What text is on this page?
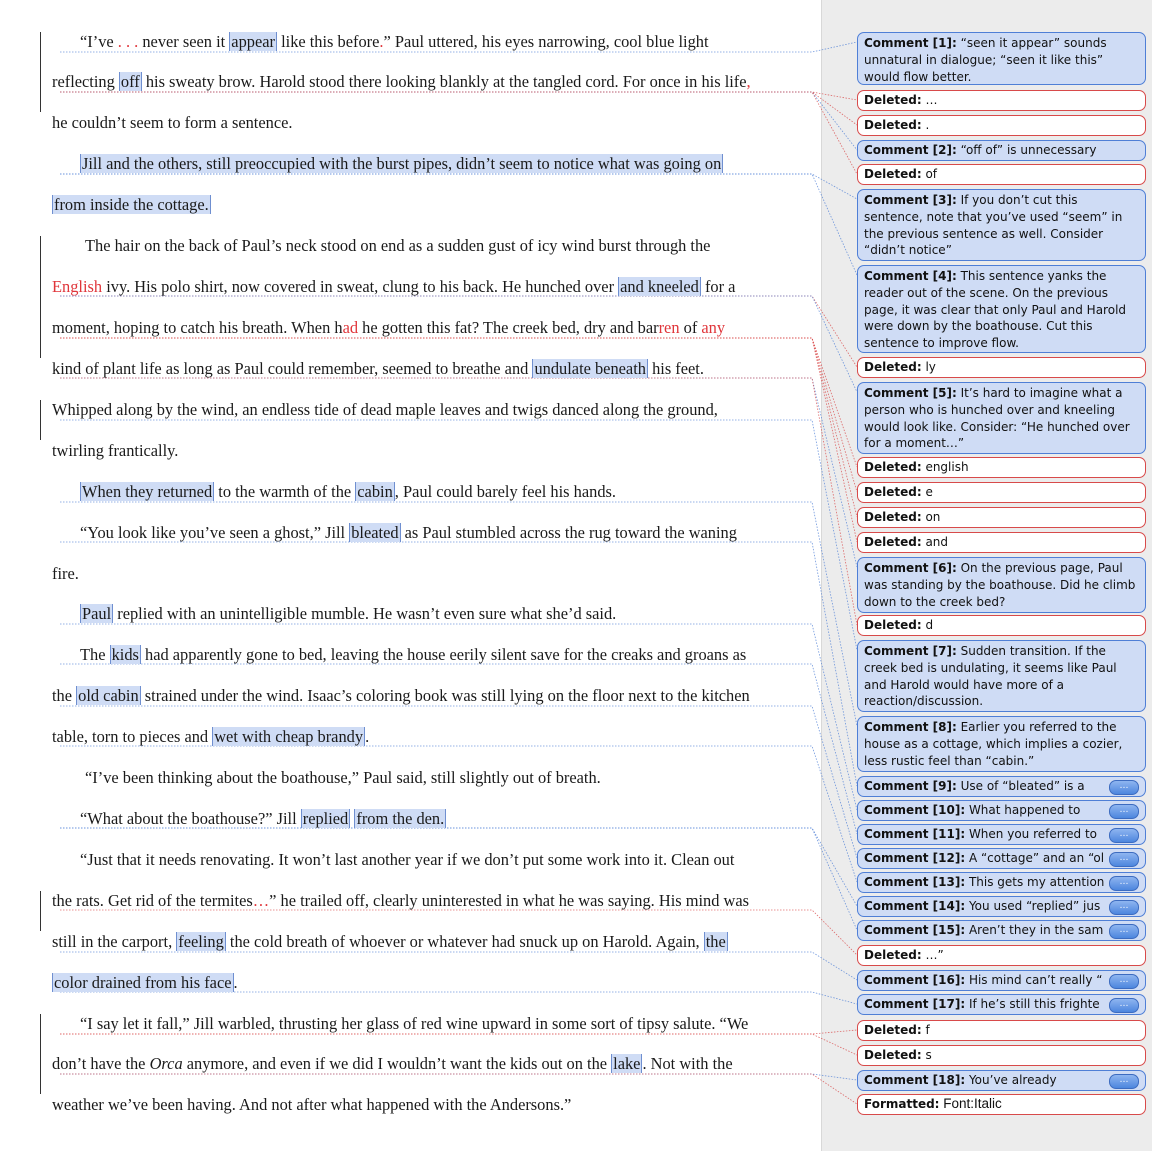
“I’ve . . . never seen it appear like this before.” Paul uttered, his eyes narrowing, cool blue light
reflecting off his sweaty brow. Harold stood there looking blankly at the tangled cord. For once in his life,
he couldn’t seem to form a sentence.
Jill and the others, still preoccupied with the burst pipes, didn’t seem to notice what was going on
from inside the cottage.
The hair on the back of Paul’s neck stood on end as a sudden gust of icy wind burst through the
English ivy. His polo shirt, now covered in sweat, clung to his back. He hunched over and kneeled for a
moment, hoping to catch his breath. When had he gotten this fat? The creek bed, dry and barren of any
kind of plant life as long as Paul could remember, seemed to breathe and undulate beneath his feet.
Whipped along by the wind, an endless tide of dead maple leaves and twigs danced along the ground,
twirling frantically.
When they returned to the warmth of the cabin , Paul could barely feel his hands.
“You look like you’ve seen a ghost,” Jill bleated as Paul stumbled across the rug toward the waning
fire.
Paul replied with an unintelligible mumble. He wasn’t even sure what she’d said.
The kids had apparently gone to bed, leaving the house eerily silent save for the creaks and groans as
the old cabin strained under the wind. Isaac’s coloring book was still lying on the floor next to the kitchen
table, torn to pieces and wet with cheap brandy .
“I’ve been thinking about the boathouse,” Paul said, still slightly out of breath.
“What about the boathouse?” Jill replied from the den.
“Just that it needs renovating. It won’t last another year if we don’t put some work into it. Clean out
the rats. Get rid of the termites…” he trailed off, clearly uninterested in what he was saying. His mind was
still in the carport, feeling the cold breath of whoever or whatever had snuck up on Harold. Again, the
color drained from his face .
“I say let it fall,” Jill warbled, thrusting her glass of red wine upward in some sort of tipsy salute. “We
don’t have the Orca anymore, and even if we did I wouldn’t want the kids out on the lake . Not with the
weather we’ve been having. And not after what happened with the Andersons.”
Comment [1]: “seen it appear” sounds unnatural in dialogue; “seen it like this” would flow better.
Deleted: …
Deleted: .
Comment [2]: “off of” is unnecessary
Deleted: of
Comment [3]: If you don’t cut this sentence, note that you’ve used “seem” in the previous sentence as well. Consider “didn’t notice”
Comment [4]: This sentence yanks the reader out of the scene. On the previous page, it was clear that only Paul and Harold were down by the boathouse. Cut this sentence to improve flow.
Deleted: ly
Comment [5]: It’s hard to imagine what a person who is hunched over and kneeling would look like. Consider: “He hunched over for a moment…”
Deleted: english
Deleted: e
Deleted: on
Deleted: and
Comment [6]: On the previous page, Paul was standing by the boathouse. Did he climb down to the creek bed?
Deleted: d
Comment [7]: Sudden transition. If the creek bed is undulating, it seems like Paul and Harold would have more of a reaction/discussion.
Comment [8]: Earlier you referred to the house as a cottage, which implies a cozier, less rustic feel than “cabin.”
Comment [9]: Use of “bleated” is a	…
Comment [10]: What happened to	…
Comment [11]: When you referred to	…
Comment [12]: A “cottage” and an “ol	…
Comment [13]: This gets my attention	…
Comment [14]: You used “replied” jus	…
Comment [15]: Aren’t they in the sam	…
Deleted: …”
Comment [16]: His mind can’t really “	…
Comment [17]: If he’s still this frighte	…
Deleted: f
Deleted: s
Comment [18]: You’ve already	…
Formatted: Font:Italic
